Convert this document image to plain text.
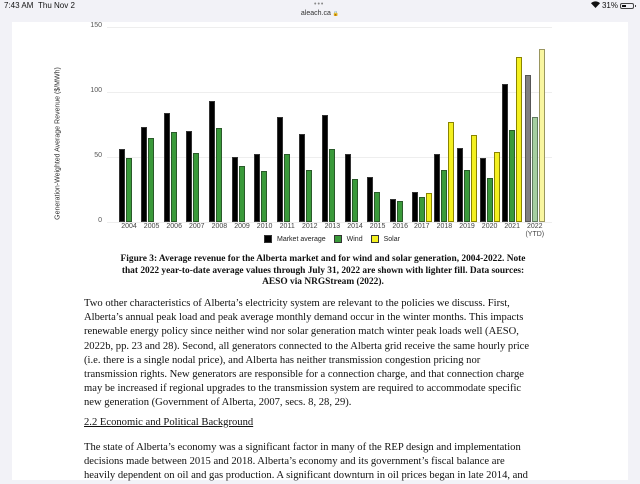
7:43 AM Thu Nov 2	•••	31%
aleach.ca 🔒
Generation-Weighted Average Revenue ($/MWh)
0
50
100
150
2004	2005	2006	2007	2008	2009	2010	2011	2012	2013	2014	2015	2016 2017	2018	2019	2020	2021	2022
(YTD)
Market average	Wind	Solar
Figure 3: Average revenue for the Alberta market and for wind and solar generation, 2004-2022. Note
that 2022 year-to-date average values through July 31, 2022 are shown with lighter fill. Data sources:
AESO via NRGStream (2022).
Two other characteristics of Alberta’s electricity system are relevant to the policies we discuss. First,
Alberta’s annual peak load and peak average monthly demand occur in the winter months. This impacts
renewable energy policy since neither wind nor solar generation match winter peak loads well (AESO,
2022b, pp. 23 and 28). Second, all generators connected to the Alberta grid receive the same hourly price
(i.e. there is a single nodal price), and Alberta has neither transmission congestion pricing nor
transmission rights. New generators are responsible for a connection charge, and that connection charge
may be increased if regional upgrades to the transmission system are required to accommodate specific
new generation (Government of Alberta, 2007, secs. 8, 28, 29).
2.2 Economic and Political Background
The state of Alberta’s economy was a significant factor in many of the REP design and implementation
decisions made between 2015 and 2018. Alberta’s economy and its government’s fiscal balance are
heavily dependent on oil and gas production. A significant downturn in oil prices began in late 2014, and
